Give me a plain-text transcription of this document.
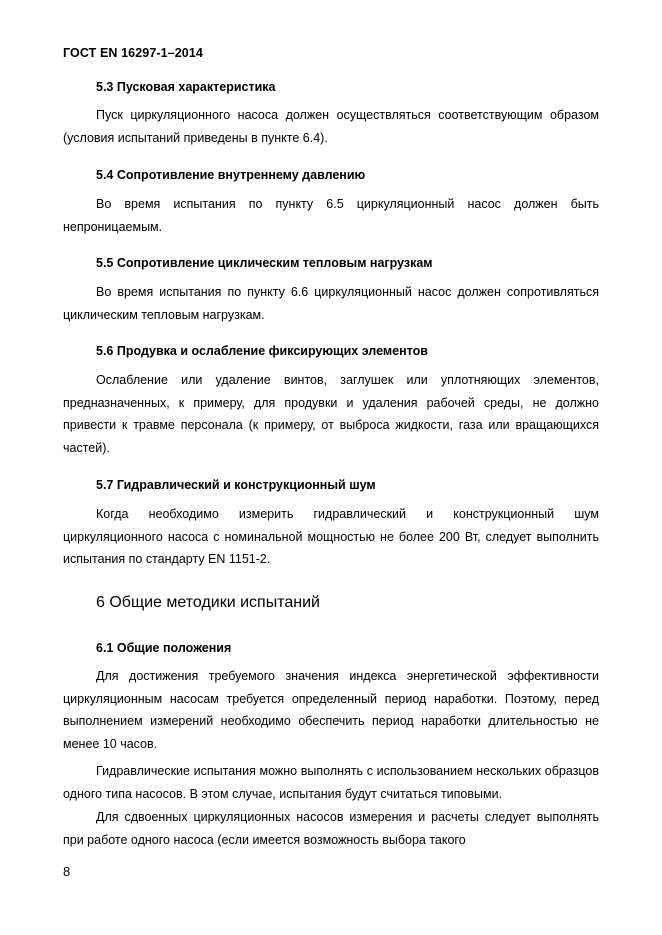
ГОСТ EN 16297-1–2014
5.3 Пусковая характеристика

Пуск циркуляционного насоса должен осуществляться соответствующим образом (условия испытаний приведены в пункте 6.4).

5.4 Сопротивление внутреннему давлению

Во время испытания по пункту 6.5 циркуляционный насос должен быть непроницаемым.

5.5 Сопротивление циклическим тепловым нагрузкам

Во время испытания по пункту 6.6 циркуляционный насос должен сопротивляться циклическим тепловым нагрузкам.

5.6 Продувка и ослабление фиксирующих элементов

Ослабление или удаление винтов, заглушек или уплотняющих элементов, предназначенных, к примеру, для продувки и удаления рабочей среды, не должно привести к травме персонала (к примеру, от выброса жидкости, газа или вращающихся частей).

5.7 Гидравлический и конструкционный шум

Когда необходимо измерить гидравлический и конструкционный шум циркуляционного насоса с номинальной мощностью не более 200 Вт, следует выполнить испытания по стандарту EN 1151-2.

6 Общие методики испытаний
6.1 Общие положения

Для достижения требуемого значения индекса энергетической эффективности циркуляционным насосам требуется определенный период наработки. Поэтому, перед выполнением измерений необходимо обеспечить период наработки длительностью не менее 10 часов.

Гидравлические испытания можно выполнять с использованием нескольких образцов одного типа насосов. В этом случае, испытания будут считаться типовыми.

Для сдвоенных циркуляционных насосов измерения и расчеты следует выполнять при работе одного насоса (если имеется возможность выбора такого

8
